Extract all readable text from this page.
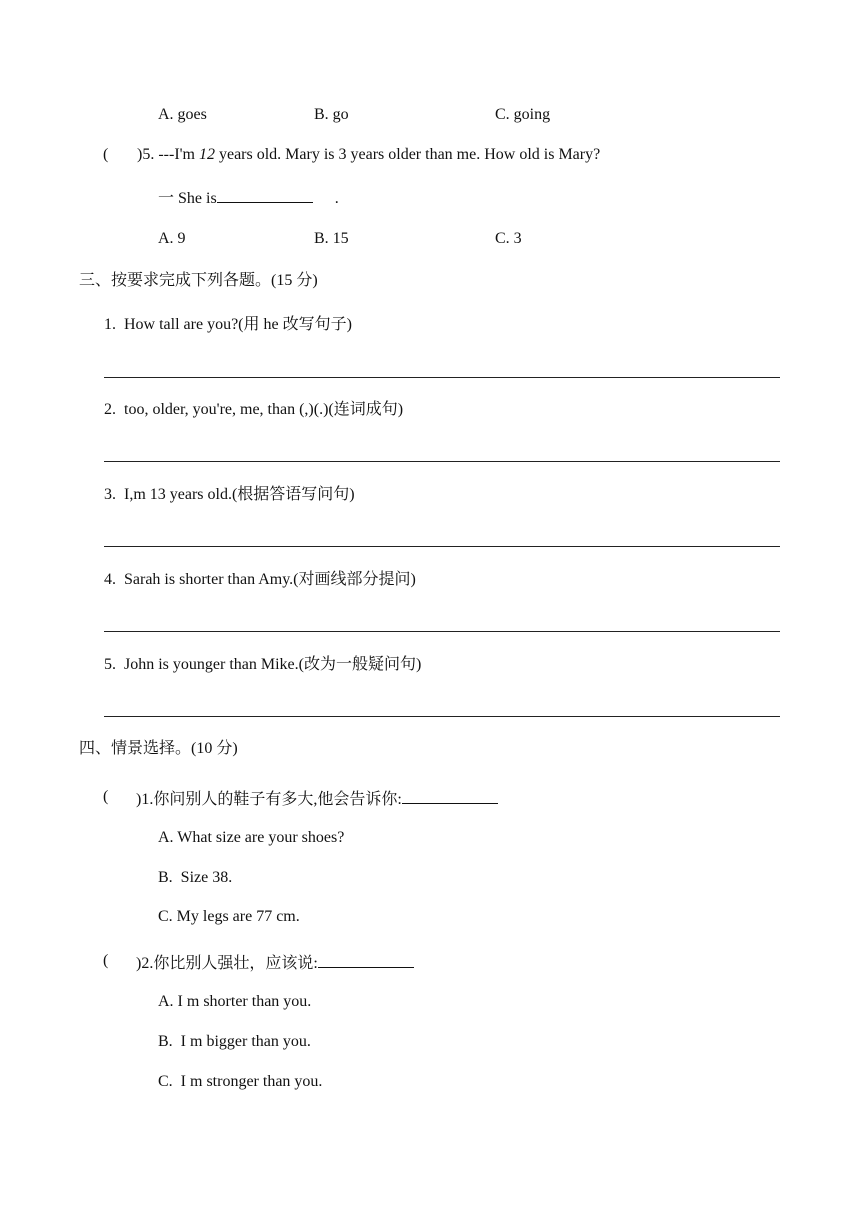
A. goes	B. go	C. going
( )5. ---I'm 12 years old. Mary is 3 years older than me. How old is Mary?
一 She is	.
A. 9	B. 15	C. 3
三、按要求完成下列各题。(15 分)
1.  How tall are you?(用 he 改写句子)
2.  too, older, you're, me, than (,)(.)(连词成句)
3.  I,m 13 years old.(根据答语写问句)
4.  Sarah is shorter than Amy.(对画线部分提问)
5.  John is younger than Mike.(改为一般疑问句)
四、情景选择。(10 分)
( )1.你问别人的鞋子有多大,他会告诉你:
A. What size are your shoes?
B.  Size 38.
C. My legs are 77 cm.
( )2.你比别人强壮，应该说:
A. I m shorter than you.
B.  I m bigger than you.
C.  I m stronger than you.
